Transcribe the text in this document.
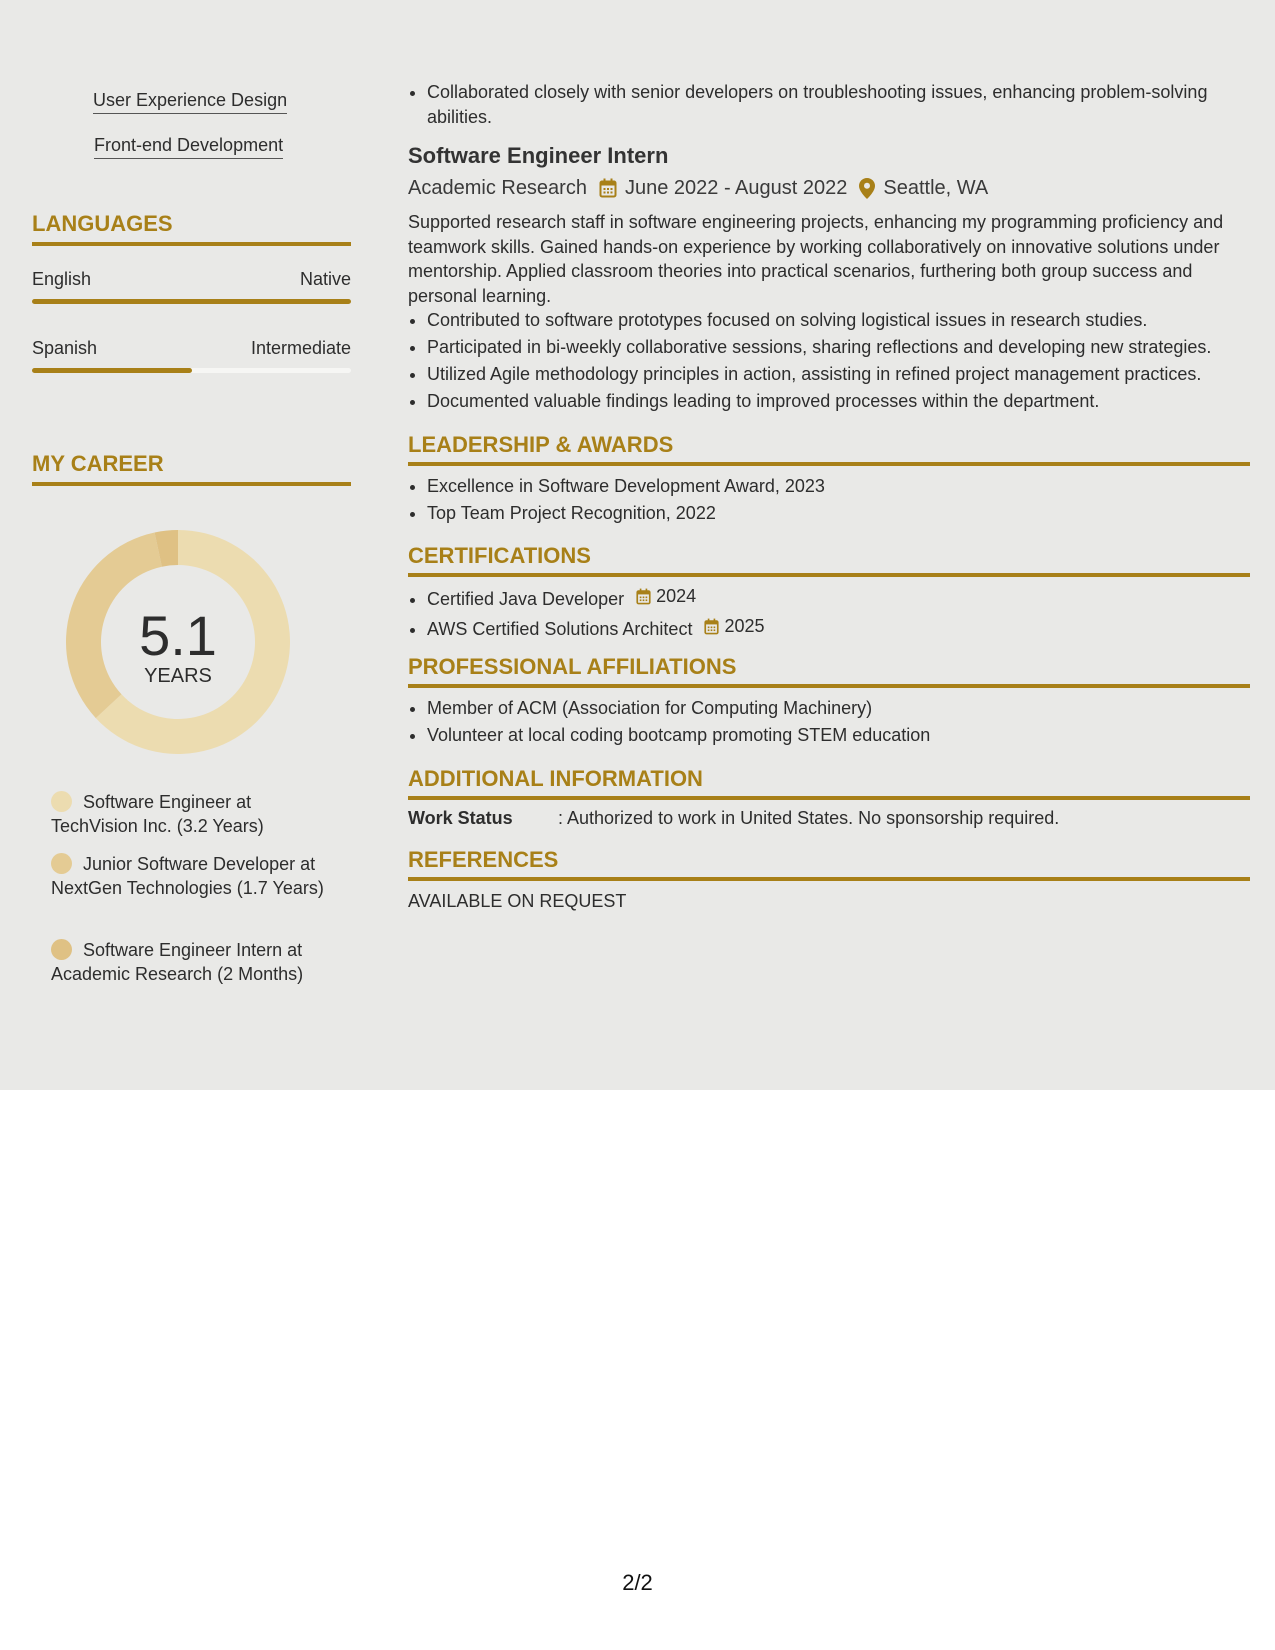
User Experience Design
Front-end Development
LANGUAGES
English	Native
Spanish	Intermediate
MY CAREER
5.1
YEARS
Software Engineer at TechVision Inc. (3.2 Years)
Junior Software Developer at NextGen Technologies (1.7 Years)
Software Engineer Intern at Academic Research (2 Months)
• Collaborated closely with senior developers on troubleshooting issues, enhancing problem-solving abilities.
Software Engineer Intern
Academic Research June 2022 - August 2022 Seattle, WA
Supported research staff in software engineering projects, enhancing my programming proficiency and teamwork skills. Gained hands-on experience by working collaboratively on innovative solutions under mentorship. Applied classroom theories into practical scenarios, furthering both group success and personal learning.
• Contributed to software prototypes focused on solving logistical issues in research studies.
• Participated in bi-weekly collaborative sessions, sharing reflections and developing new strategies.
• Utilized Agile methodology principles in action, assisting in refined project management practices.
• Documented valuable findings leading to improved processes within the department.
LEADERSHIP & AWARDS
• Excellence in Software Development Award, 2023
• Top Team Project Recognition, 2022
CERTIFICATIONS
• Certified Java Developer 2024
• AWS Certified Solutions Architect 2025
PROFESSIONAL AFFILIATIONS
• Member of ACM (Association for Computing Machinery)
• Volunteer at local coding bootcamp promoting STEM education
ADDITIONAL INFORMATION
Work Status	: Authorized to work in United States. No sponsorship required.
REFERENCES
AVAILABLE ON REQUEST
2/2
